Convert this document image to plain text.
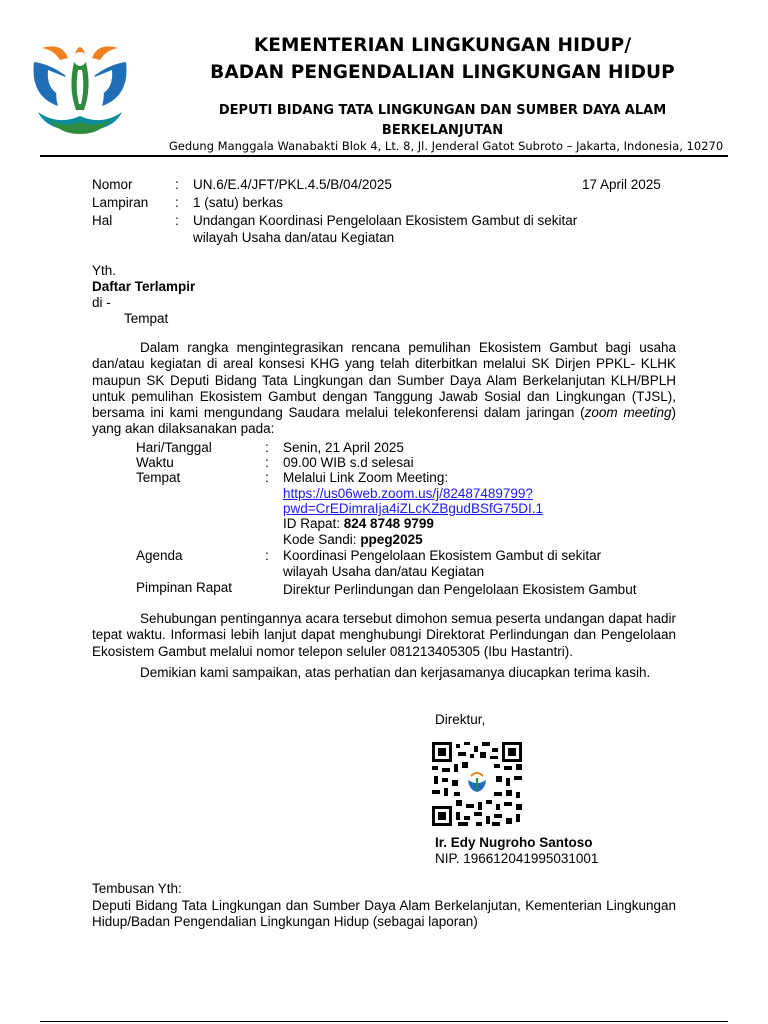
KEMENTERIAN LINGKUNGAN HIDUP/
BADAN PENGENDALIAN LINGKUNGAN HIDUP
DEPUTI BIDANG TATA LINGKUNGAN DAN SUMBER DAYA ALAM
BERKELANJUTAN
Gedung Manggala Wanabakti Blok 4, Lt. 8, Jl. Jenderal Gatot Subroto – Jakarta, Indonesia, 10270
Nomor	: UN.6/E.4/JFT/PKL.4.5/B/04/2025	17 April 2025
Lampiran : 1 (satu) berkas
Hal	: Undangan Koordinasi Pengelolaan Ekosistem Gambut di sekitar
wilayah Usaha dan/atau Kegiatan
Yth.
Daftar Terlampir
di -
Tempat
Dalam rangka mengintegrasikan rencana pemulihan Ekosistem Gambut bagi usaha dan/atau kegiatan di areal konsesi KHG yang telah diterbitkan melalui SK Dirjen PPKL- KLHK maupun SK Deputi Bidang Tata Lingkungan dan Sumber Daya Alam Berkelanjutan KLH/BPLH untuk pemulihan Ekosistem Gambut dengan Tanggung Jawab Sosial dan Lingkungan (TJSL), bersama ini kami mengundang Saudara melalui telekonferensi dalam jaringan (zoom meeting) yang akan dilaksanakan pada:
Hari/Tanggal	: Senin, 21 April 2025
Waktu	: 09.00 WIB s.d selesai
Tempat	: Melalui Link Zoom Meeting:
https://us06web.zoom.us/j/82487489799?
pwd=CrEDimraIja4iZLcKZBgudBSfG75DI.1
ID Rapat: 824 8748 9799
Kode Sandi: ppeg2025
Agenda	: Koordinasi Pengelolaan Ekosistem Gambut di sekitar
wilayah Usaha dan/atau Kegiatan
Pimpinan Rapat	Direktur Perlindungan dan Pengelolaan Ekosistem Gambut
Sehubungan pentingannya acara tersebut dimohon semua peserta undangan dapat hadir tepat waktu. Informasi lebih lanjut dapat menghubungi Direktorat Perlindungan dan Pengelolaan Ekosistem Gambut melalui nomor telepon seluler 081213405305 (Ibu Hastantri).
Demikian kami sampaikan, atas perhatian dan kerjasamanya diucapkan terima kasih.
Direktur,
Ir. Edy Nugroho Santoso
NIP. 196612041995031001
Tembusan Yth:
Deputi Bidang Tata Lingkungan dan Sumber Daya Alam Berkelanjutan, Kementerian Lingkungan Hidup/Badan Pengendalian Lingkungan Hidup (sebagai laporan)
